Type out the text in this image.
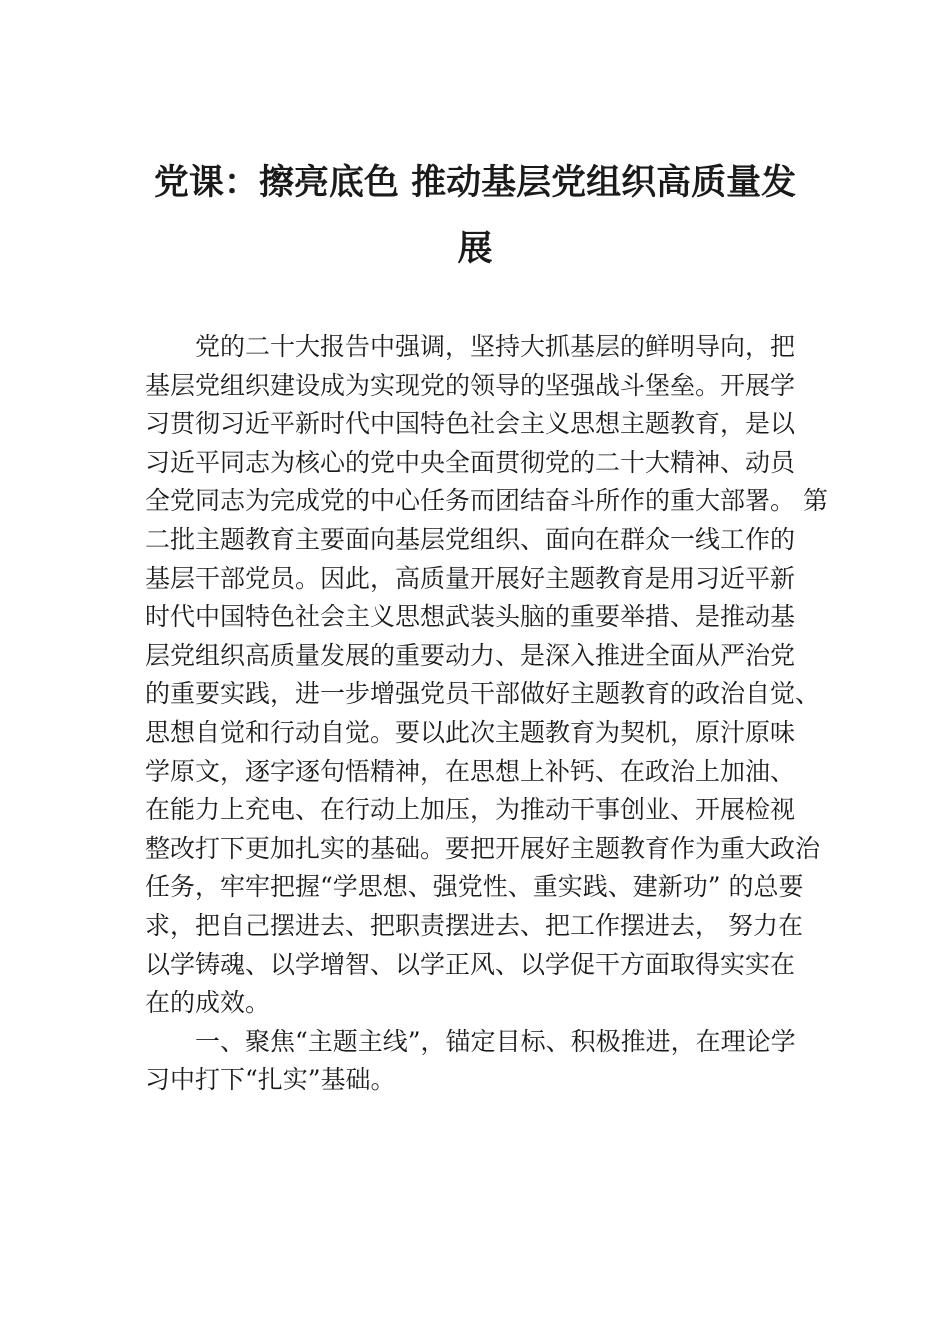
党课：擦亮底色 推动基层党组织高质量发
展
党的二十大报告中强调，坚持大抓基层的鲜明导向，把
基层党组织建设成为实现党的领导的坚强战斗堡垒。开展学
习贯彻习近平新时代中国特色社会主义思想主题教育，是以
习近平同志为核心的党中央全面贯彻党的二十大精神、动员
全党同志为完成党的中心任务而团结奋斗所作的重大部署。 第
二批主题教育主要面向基层党组织、面向在群众一线工作的
基层干部党员。因此，高质量开展好主题教育是用习近平新
时代中国特色社会主义思想武装头脑的重要举措、是推动基
层党组织高质量发展的重要动力、是深入推进全面从严治党
的重要实践，进一步增强党员干部做好主题教育的政治自觉、
思想自觉和行动自觉。要以此次主题教育为契机，原汁原味
学原文，逐字逐句悟精神，在思想上补钙、在政治上加油、
在能力上充电、在行动上加压，为推动干事创业、开展检视
整改打下更加扎实的基础。要把开展好主题教育作为重大政治
任务，牢牢把握“学思想、强党性、重实践、建新功” 的总要
求，把自己摆进去、把职责摆进去、把工作摆进去， 努力在
以学铸魂、以学增智、以学正风、以学促干方面取得实实在
在的成效。
一、聚焦“主题主线”，锚定目标、积极推进，在理论学
习中打下“扎实”基础。
